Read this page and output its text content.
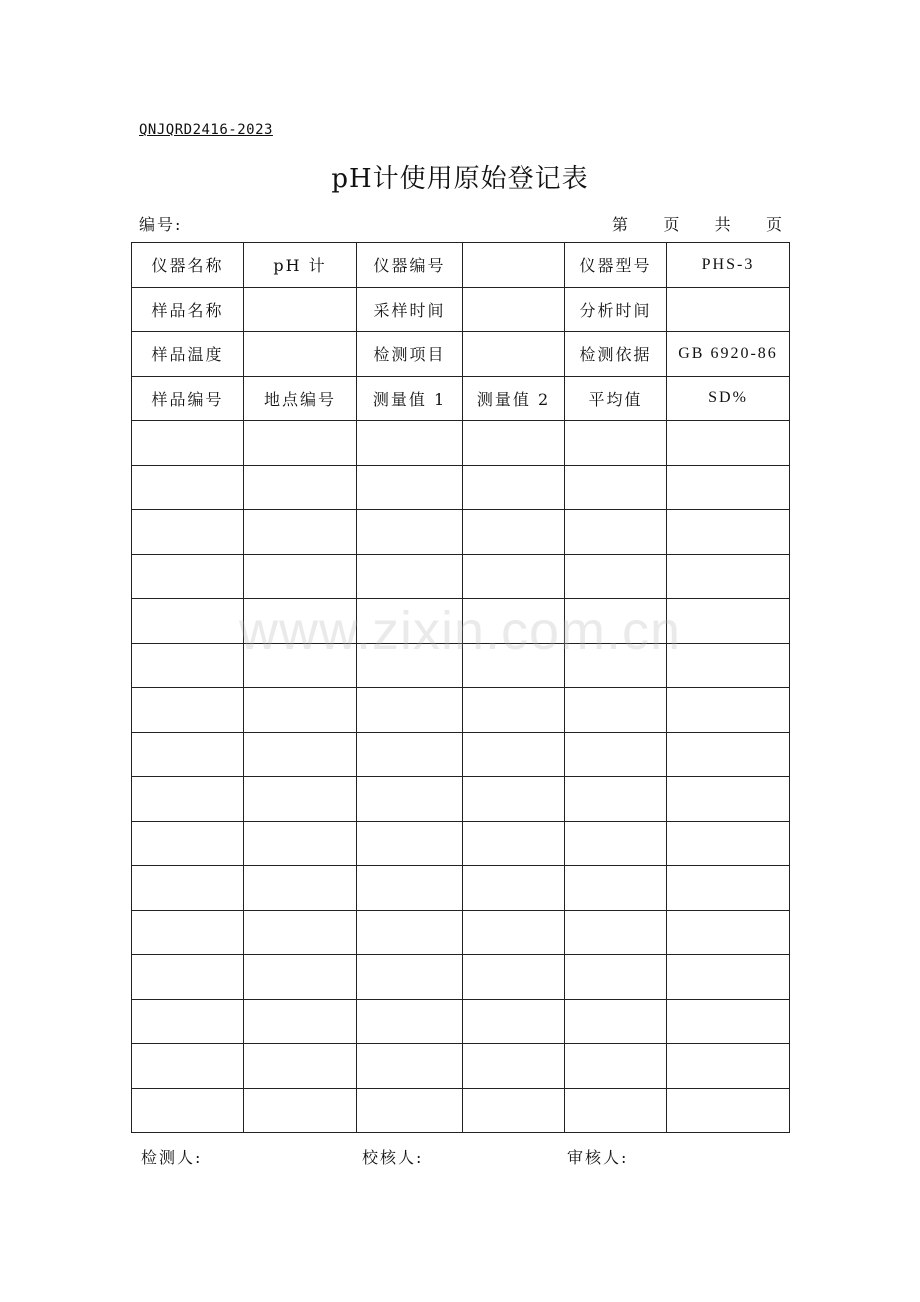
QNJQRD2416-2023
pH计使用原始登记表
编号:	第 页 共 页
仪器名称	pH 计	仪器编号		仪器型号	PHS-3
样品名称		采样时间		分析时间	
样品温度		检测项目		检测依据	GB 6920-86
样品编号	地点编号	测量值 1	测量值 2	平均值	SD%

检测人:	校核人:	审核人:
www.zixin.com.cn
